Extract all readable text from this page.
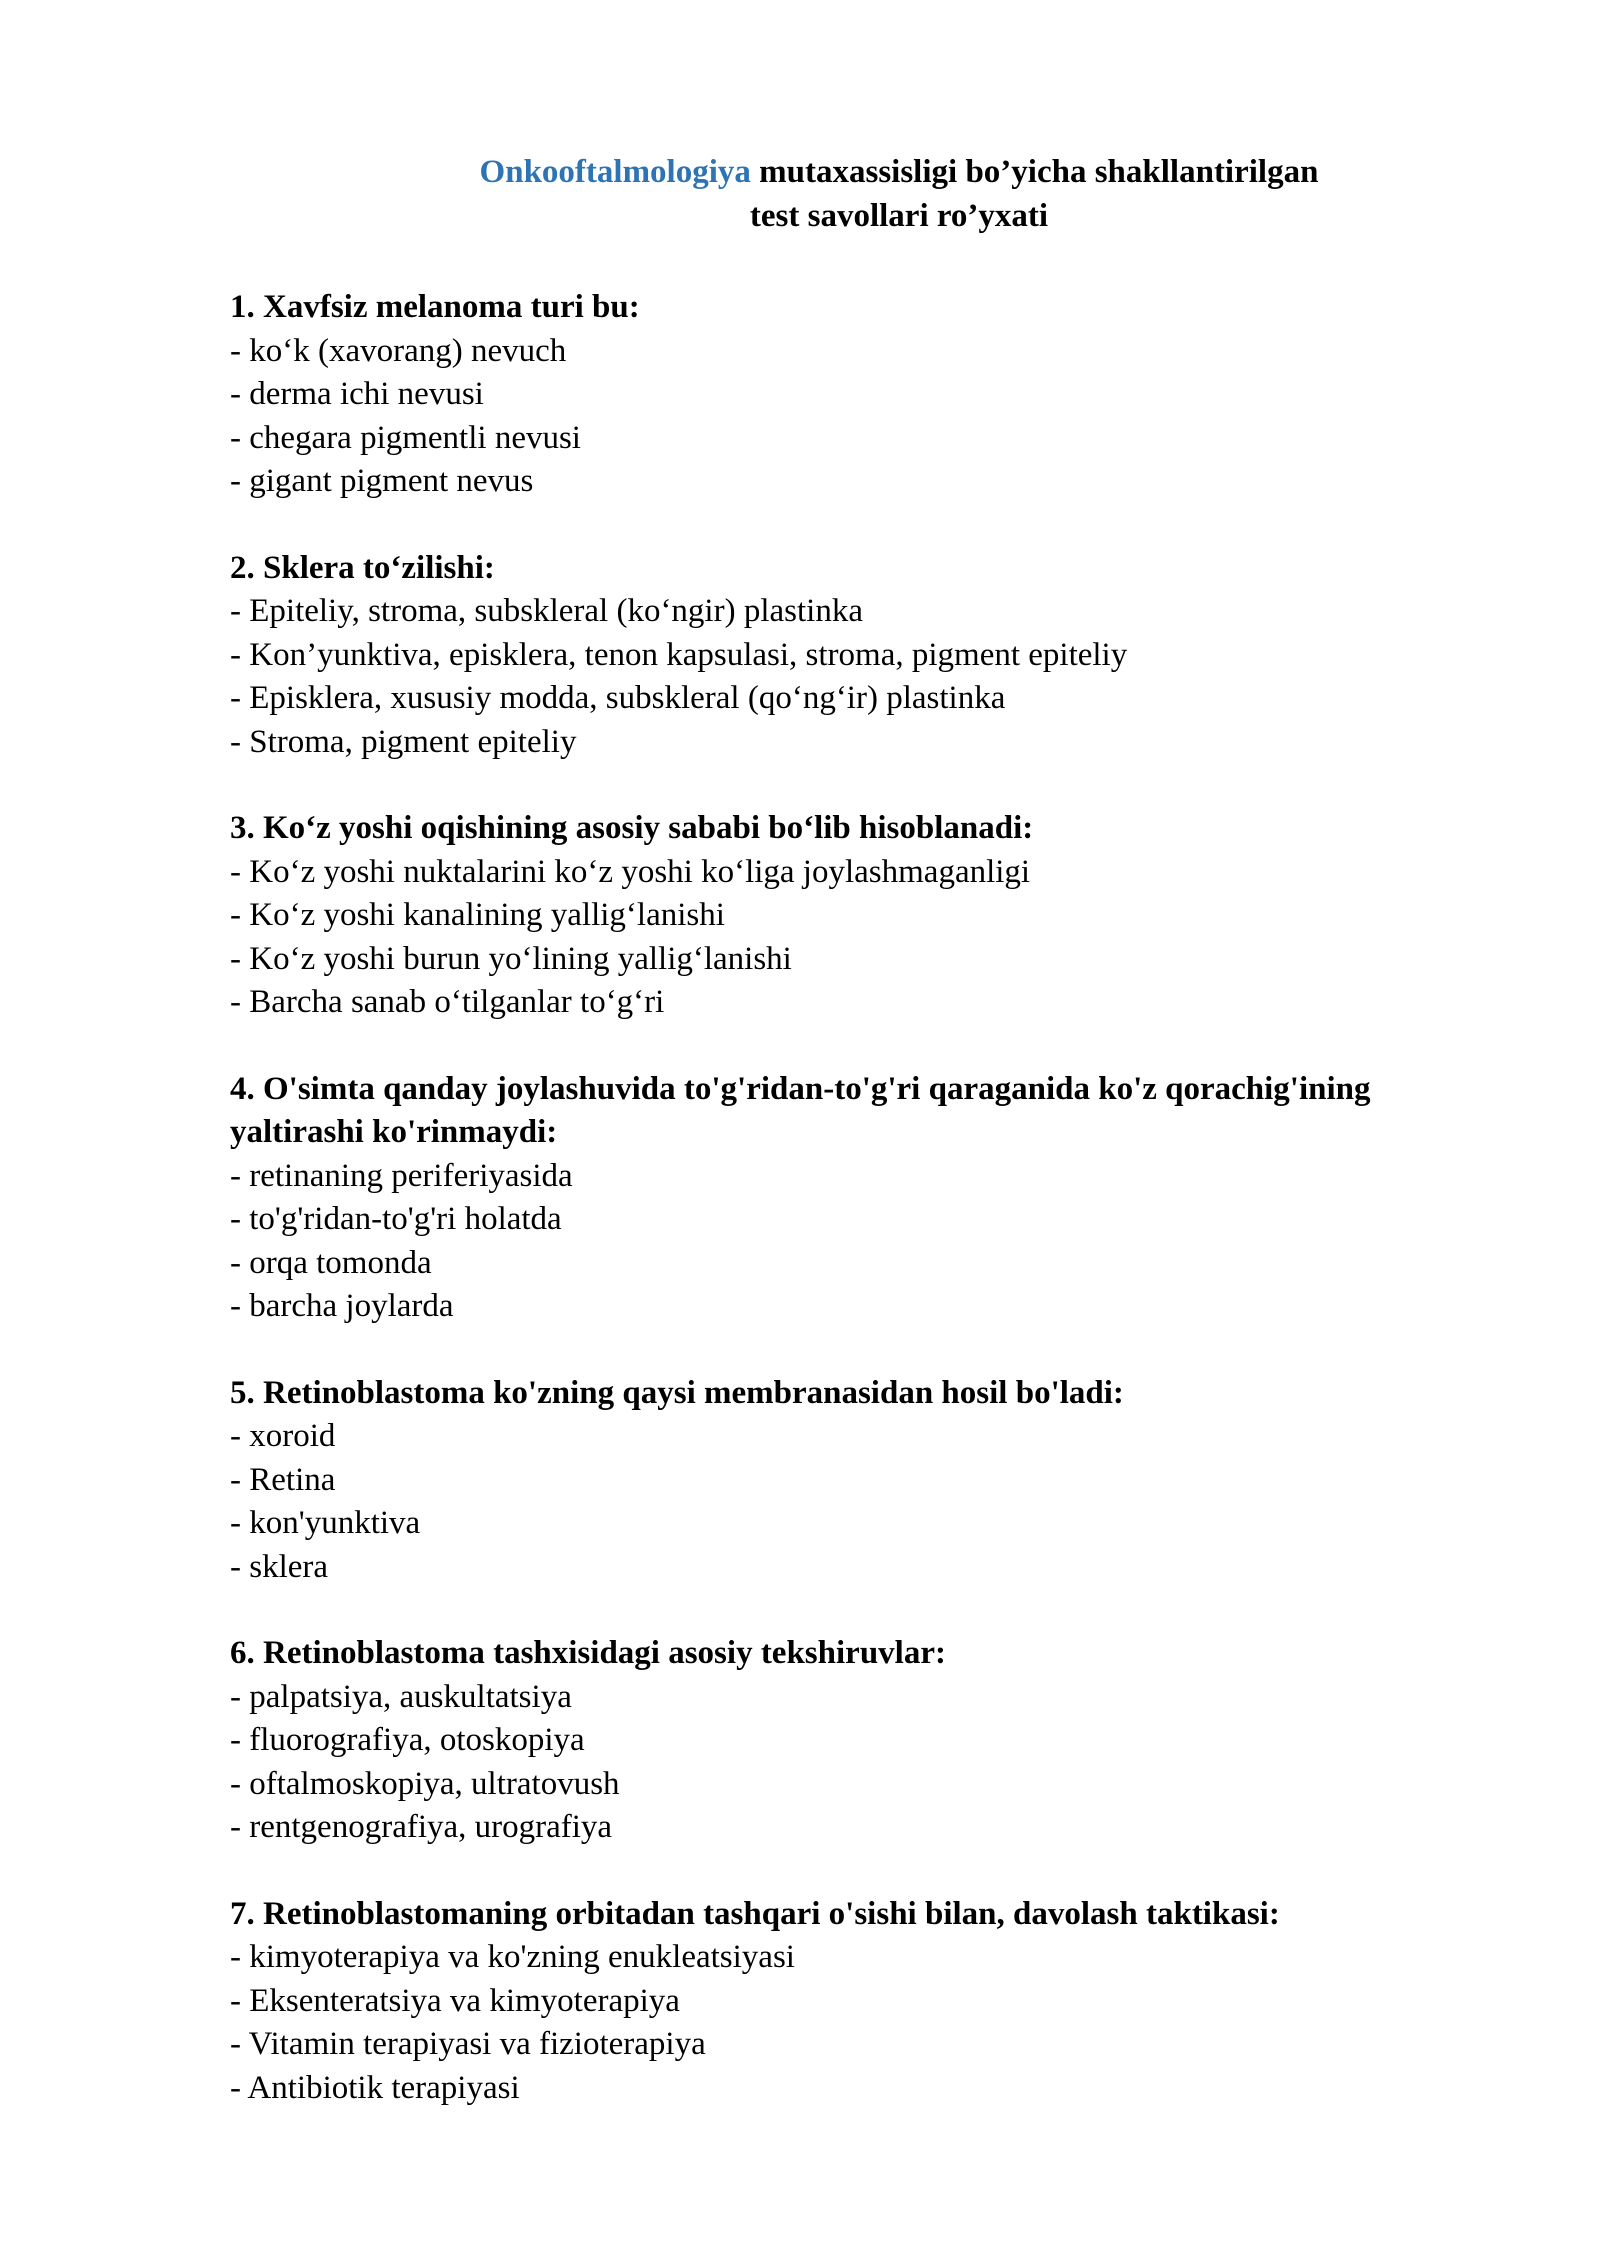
Onkooftalmologiya mutaxassisligi bo’yicha shakllantirilgan
test savollari ro’yxati
1. Xavfsiz melanoma turi bu:
- ko‘k (xavorang) nevuch
- derma ichi nevusi
- chegara pigmentli nevusi
- gigant pigment nevus
2. Sklera to‘zilishi:
- Epiteliy, stroma, subskleral (ko‘ngir) plastinka
- Kon’yunktiva, episklera, tenon kapsulasi, stroma, pigment epiteliy
- Episklera, xususiy modda, subskleral (qo‘ng‘ir) plastinka
- Stroma, pigment epiteliy
3. Ko‘z yoshi oqishining asosiy sababi bo‘lib hisoblanadi:
- Ko‘z yoshi nuktalarini ko‘z yoshi ko‘liga joylashmaganligi
- Ko‘z yoshi kanalining yallig‘lanishi
- Ko‘z yoshi burun yo‘lining yallig‘lanishi
- Barcha sanab o‘tilganlar to‘g‘ri
4. O'simta qanday joylashuvida to'g'ridan-to'g'ri qaraganida ko'z qorachig'ining yaltirashi ko'rinmaydi:
- retinaning periferiyasida
- to'g'ridan-to'g'ri holatda
- orqa tomonda
- barcha joylarda
5. Retinoblastoma ko'zning qaysi membranasidan hosil bo'ladi:
- xoroid
- Retina
- kon'yunktiva
- sklera
6. Retinoblastoma tashxisidagi asosiy tekshiruvlar:
- palpatsiya, auskultatsiya
- fluorografiya, otoskopiya
- oftalmoskopiya, ultratovush
- rentgenografiya, urografiya
7. Retinoblastomaning orbitadan tashqari o'sishi bilan, davolash taktikasi:
- kimyoterapiya va ko'zning enukleatsiyasi
- Eksenteratsiya va kimyoterapiya
- Vitamin terapiyasi va fizioterapiya
- Antibiotik terapiyasi
